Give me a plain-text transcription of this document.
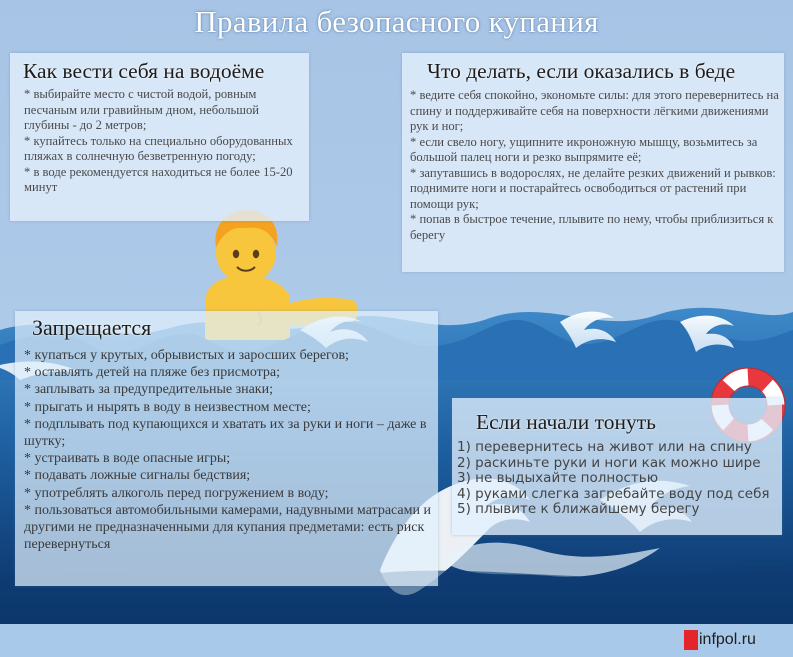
Правила безопасного купания
Как вести себя на водоёме
* выбирайте место с чистой водой, ровным песчаным или гравийным дном, небольшой глубины - до 2 метров;
* купайтесь только на специально оборудованных пляжах в солнечную безветренную погоду;
* в воде рекомендуется находиться не более 15-20 минут
Что делать, если оказались в беде
* ведите себя спокойно, экономьте силы: для этого перевернитесь на спину и поддерживайте себя на поверхности лёгкими движениями рук и ног;
* если свело ногу, ущипните икроножную мышцу, возьмитесь за большой палец ноги и резко выпрямите её;
* запутавшись в водорослях, не делайте резких движений и рывков: поднимите ноги и постарайтесь освободиться от растений при помощи рук;
* попав в быстрое течение, плывите по нему, чтобы приблизиться к берегу
Запрещается
* купаться у крутых, обрывистых и заросших берегов;
* оставлять детей на пляже без присмотра;
* заплывать за предупредительные знаки;
* прыгать и нырять в воду в неизвестном месте;
* подплывать под купающихся и хватать их за руки и ноги – даже в шутку;
* устраивать в воде опасные игры;
* подавать ложные сигналы бедствия;
* употреблять алкоголь перед погружением в воду;
* пользоваться автомобильными камерами, надувными матрасами и другими не предназначенными для купания предметами: есть риск перевернуться
Если начали тонуть
1) перевернитесь на живот или на спину
2) раскиньте руки и ноги как можно шире
3) не выдыхайте полностью
4) руками слегка загребайте воду под себя
5) плывите к ближайшему берегу
infpol.ru
